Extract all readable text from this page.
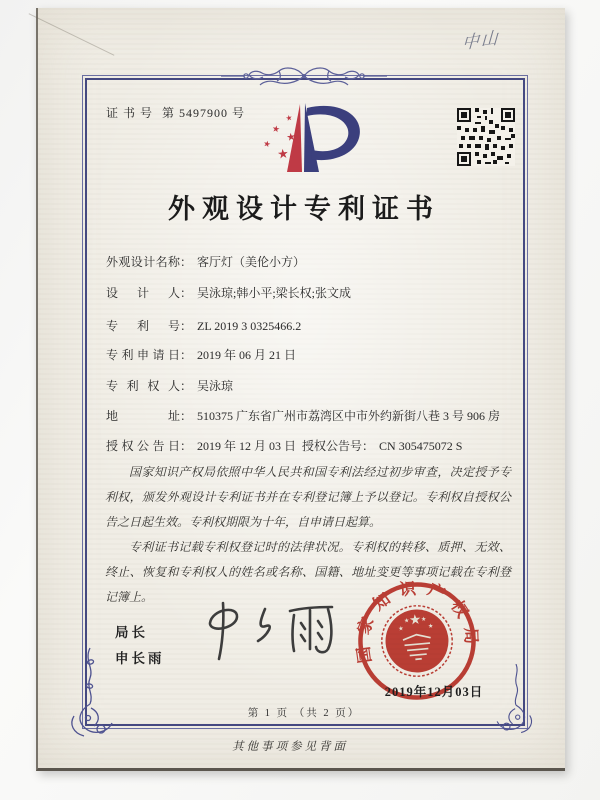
中山
证 书 号 第 5497900 号
外观设计专利证书
外观设计名称： 客厅灯（美伦小方）
设计人： 吴泳琼;韩小平;梁长权;张文成
专利号： ZL 2019 3 0325466.2
专利申请日： 2019 年 06 月 21 日
专利权人： 吴泳琼
地址： 510375 广东省广州市荔湾区中市外约新街八巷 3 号 906 房
授权公告日： 2019 年 12 月 03 日 授权公告号： CN 305475072 S

国家知识产权局依照中华人民共和国专利法经过初步审查，决定授予专利权，颁发外观设计专利证书并在专利登记簿上予以登记。专利权自授权公告之日起生效。专利权期限为十年，自申请日起算。

专利证书记载专利权登记时的法律状况。专利权的转移、质押、无效、终止、恢复和专利权人的姓名或名称、国籍、地址变更等事项记载在专利登记簿上。

局长
申长雨	国家知识产权局
2019年12月03日
第 1 页 （共 2 页）
其他事项参见背面
